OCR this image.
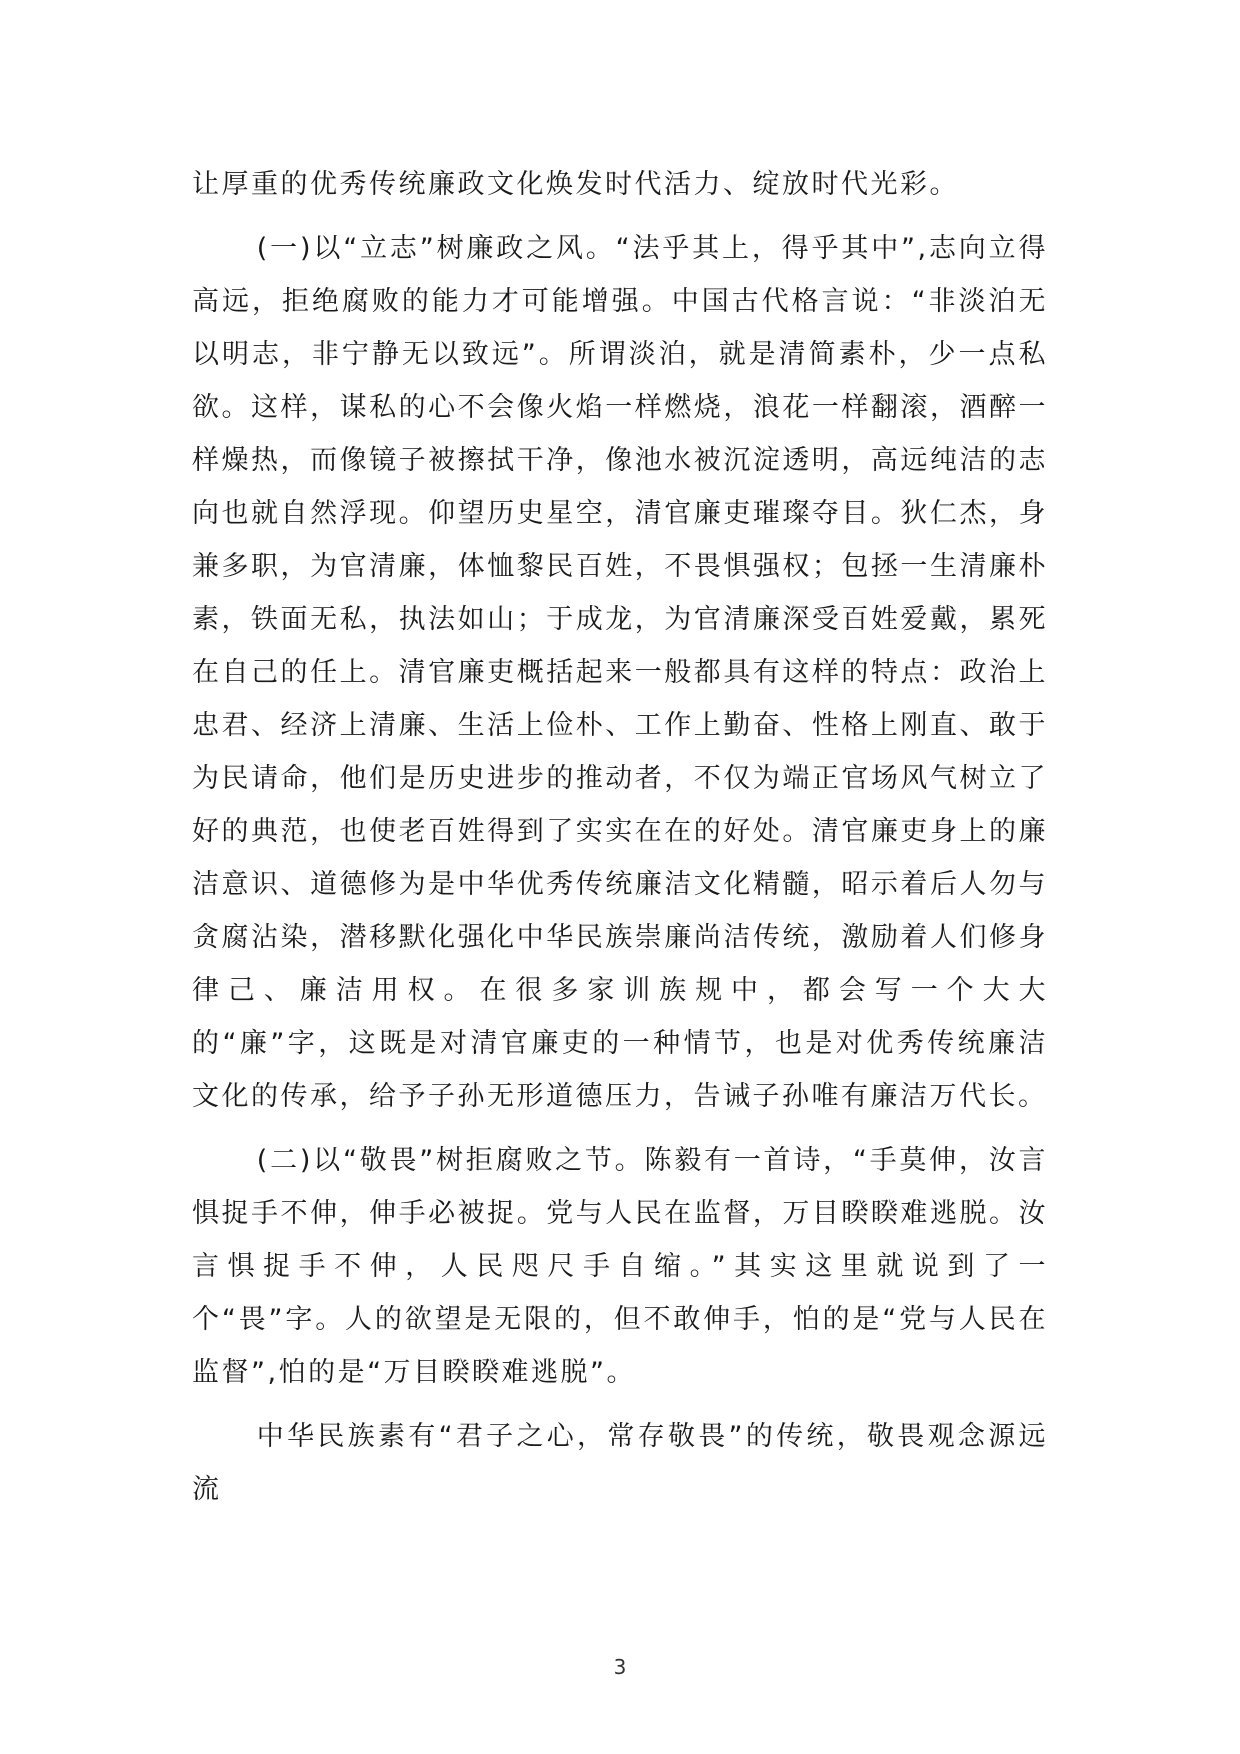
让厚重的优秀传统廉政文化焕发时代活力、绽放时代光彩。

(一)以“立志”树廉政之风。“法乎其上，得乎其中”,志向立得高远，拒绝腐败的能力才可能增强。中国古代格言说：“非淡泊无以明志，非宁静无以致远”。所谓淡泊，就是清简素朴，少一点私欲。这样，谋私的心不会像火焰一样燃烧，浪花一样翻滚，酒醉一样燥热，而像镜子被擦拭干净，像池水被沉淀透明，高远纯洁的志向也就自然浮现。仰望历史星空，清官廉吏璀璨夺目。狄仁杰，身兼多职，为官清廉，体恤黎民百姓，不畏惧强权；包拯一生清廉朴素，铁面无私，执法如山；于成龙，为官清廉深受百姓爱戴，累死在自己的任上。清官廉吏概括起来一般都具有这样的特点：政治上忠君、经济上清廉、生活上俭朴、工作上勤奋、性格上刚直、敢于为民请命，他们是历史进步的推动者，不仅为端正官场风气树立了好的典范，也使老百姓得到了实实在在的好处。清官廉吏身上的廉洁意识、道德修为是中华优秀传统廉洁文化精髓，昭示着后人勿与贪腐沾染，潜移默化强化中华民族崇廉尚洁传统，激励着人们修身律己、廉洁用权。在很多家训族规中，都会写一个大大的“廉”字，这既是对清官廉吏的一种情节，也是对优秀传统廉洁文化的传承，给予子孙无形道德压力，告诫子孙唯有廉洁万代长。

(二)以“敬畏”树拒腐败之节。陈毅有一首诗，“手莫伸，汝言惧捉手不伸，伸手必被捉。党与人民在监督，万目睽睽难逃脱。汝言惧捉手不伸，人民咫尺手自缩。”其实这里就说到了一个“畏”字。人的欲望是无限的，但不敢伸手，怕的是“党与人民在监督”,怕的是“万目睽睽难逃脱”。

中华民族素有“君子之心，常存敬畏”的传统，敬畏观念源远流

3
